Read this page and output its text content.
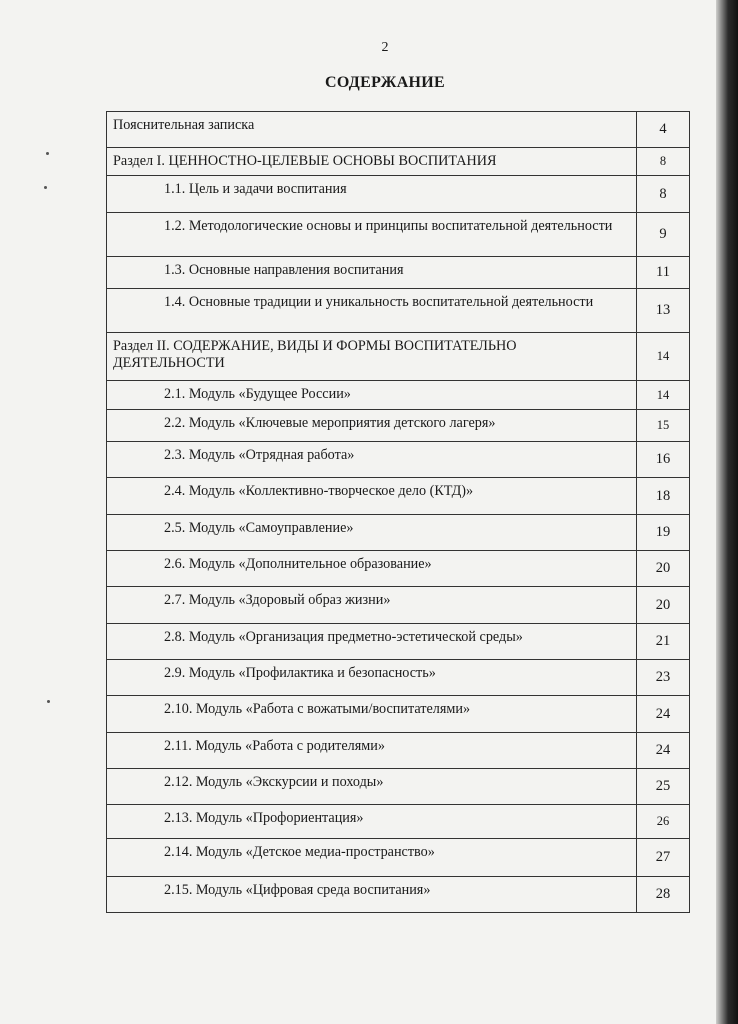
2
СОДЕРЖАНИЕ
Пояснительная записка	4
Раздел I. ЦЕННОСТНО-ЦЕЛЕВЫЕ ОСНОВЫ ВОСПИТАНИЯ	8
1.1. Цель и задачи воспитания	8
1.2. Методологические основы и принципы воспитательной деятельности	9
1.3. Основные направления воспитания	11
1.4. Основные традиции и уникальность воспитательной деятельности	13
Раздел II. СОДЕРЖАНИЕ, ВИДЫ И ФОРМЫ ВОСПИТАТЕЛЬНО ДЕЯТЕЛЬНОСТИ	14
2.1. Модуль «Будущее России»	14
2.2. Модуль «Ключевые мероприятия детского лагеря»	15
2.3. Модуль «Отрядная работа»	16
2.4. Модуль «Коллективно-творческое дело (КТД)»	18
2.5. Модуль «Самоуправление»	19
2.6. Модуль «Дополнительное образование»	20
2.7. Модуль «Здоровый образ жизни»	20
2.8. Модуль «Организация предметно-эстетической среды»	21
2.9. Модуль «Профилактика и безопасность»	23
2.10. Модуль «Работа с вожатыми/воспитателями»	24
2.11. Модуль «Работа с родителями»	24
2.12. Модуль «Экскурсии и походы»	25
2.13. Модуль «Профориентация»	26
2.14. Модуль «Детское медиа-пространство»	27
2.15. Модуль «Цифровая среда воспитания»	28
